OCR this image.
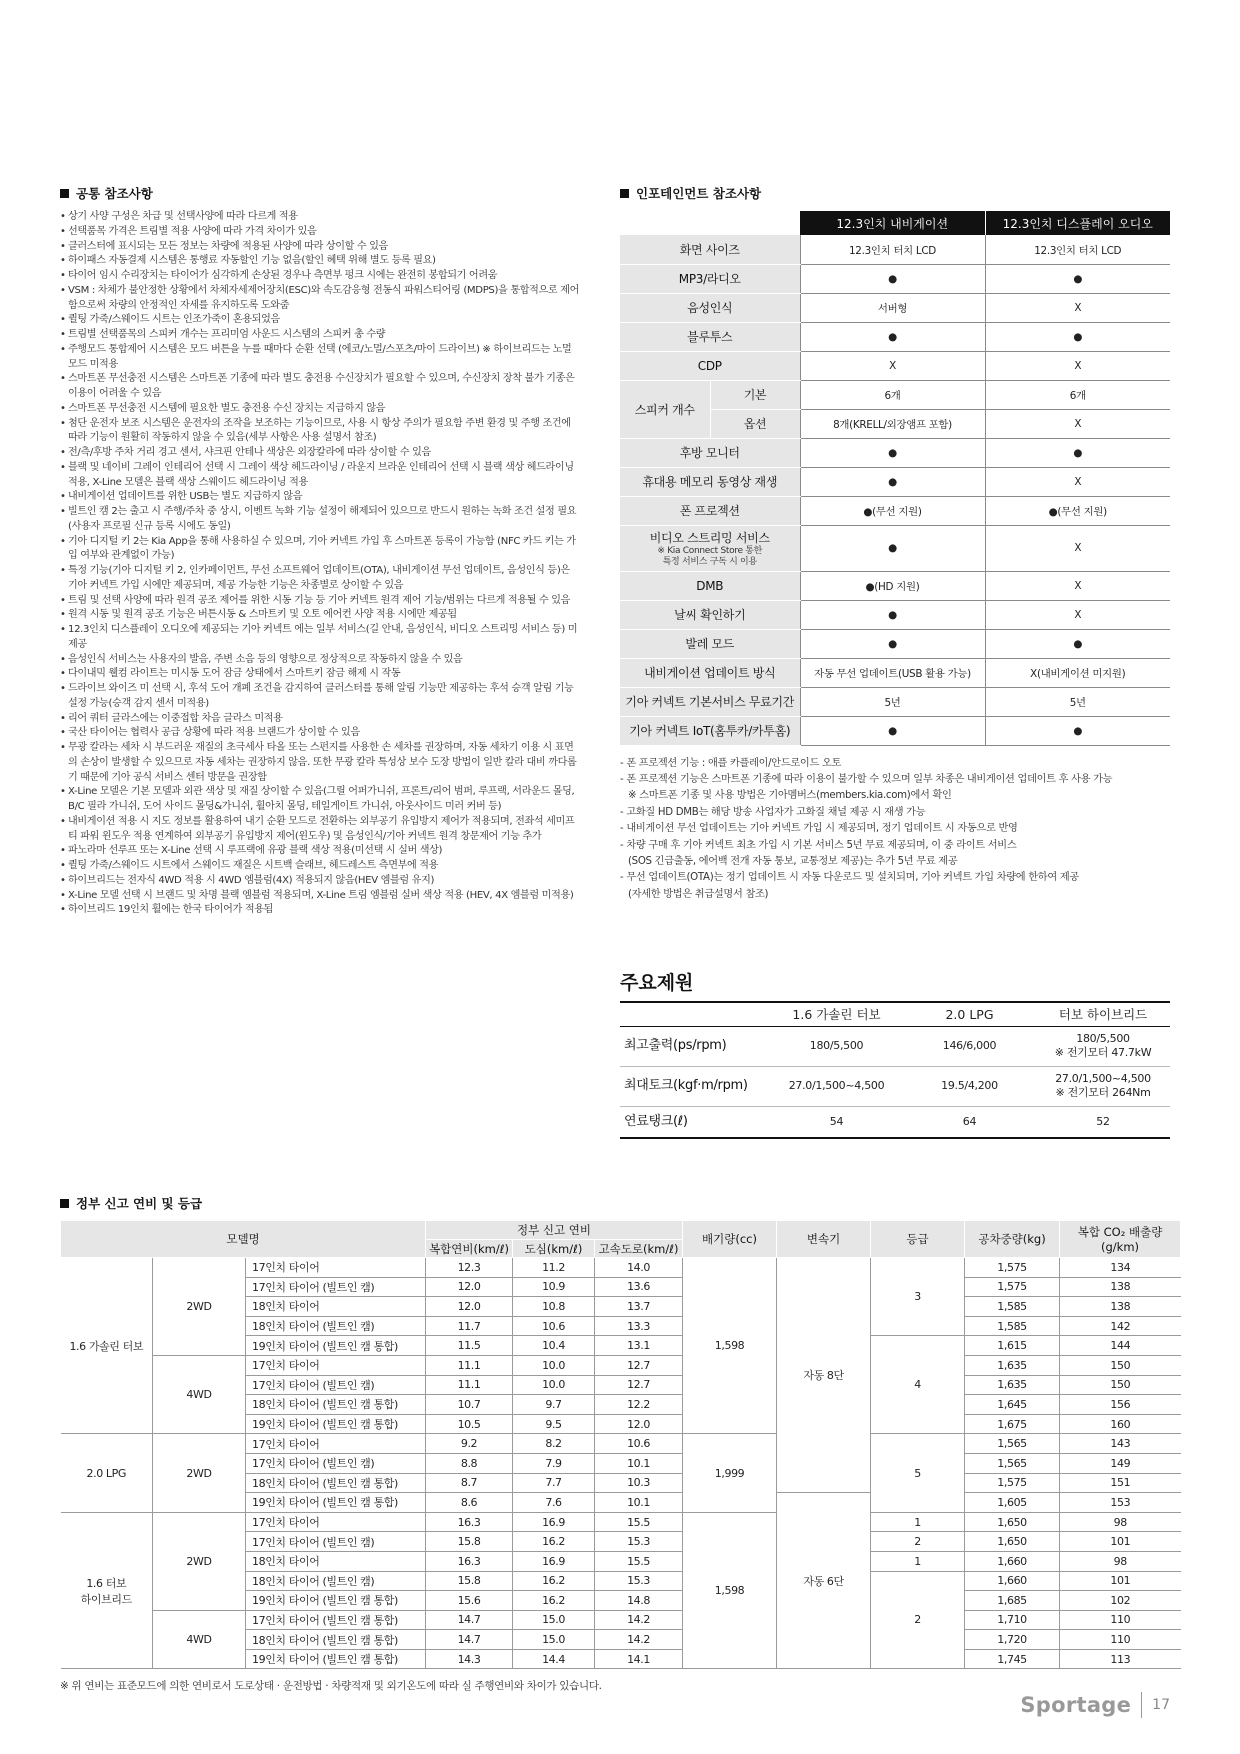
공통 참조사항
• 상기 사양 구성은 차급 및 선택사양에 따라 다르게 적용
• 선택품목 가격은 트림별 적용 사양에 따라 가격 차이가 있음
• 클러스터에 표시되는 모든 정보는 차량에 적용된 사양에 따라 상이할 수 있음
• 하이패스 자동결제 시스템은 통행료 자동할인 기능 없음(할인 혜택 위해 별도 등록 필요)
• 타이어 임시 수리장치는 타이어가 심각하게 손상된 경우나 측면부 펑크 시에는 완전히 봉합되기 어려움
• VSM : 차체가 불안정한 상황에서 차체자세제어장치(ESC)와 속도감응형 전동식 파워스티어링 (MDPS)을 통합적으로 제어함으로써 차량의 안정적인 자세를 유지하도록 도와줌
• 퀼팅 가죽/스웨이드 시트는 인조가죽이 혼용되었음
• 트림별 선택품목의 스피커 개수는 프리미엄 사운드 시스템의 스피커 총 수량
• 주행모드 통합제어 시스템은 모드 버튼을 누를 때마다 순환 선택 (에코/노멀/스포츠/마이 드라이브) ※ 하이브리드는 노멀 모드 미적용
• 스마트폰 무선충전 시스템은 스마트폰 기종에 따라 별도 충전용 수신장치가 필요할 수 있으며, 수신장치 장착 불가 기종은 이용이 어려울 수 있음
• 스마트폰 무선충전 시스템에 필요한 별도 충전용 수신 장치는 지급하지 않음
• 첨단 운전자 보조 시스템은 운전자의 조작을 보조하는 기능이므로, 사용 시 항상 주의가 필요함 주변 환경 및 주행 조건에 따라 기능이 원활히 작동하지 않을 수 있음(세부 사항은 사용 설명서 참조)
• 전/측/후방 주차 거리 경고 센서, 샤크핀 안테나 색상은 외장칼라에 따라 상이할 수 있음
• 블랙 및 네이비 그레이 인테리어 선택 시 그레이 색상 헤드라이닝 / 라운지 브라운 인테리어 선택 시 블랙 색상 헤드라이닝 적용, X-Line 모델은 블랙 색상 스웨이드 헤드라이닝 적용
• 내비게이션 업데이트를 위한 USB는 별도 지급하지 않음
• 빌트인 캠 2는 출고 시 주행/주차 중 상시, 이벤트 녹화 기능 설정이 해제되어 있으므로 반드시 원하는 녹화 조건 설정 필요(사용자 프로필 신규 등록 시에도 동일)
• 기아 디지털 키 2는 Kia App을 통해 사용하실 수 있으며, 기아 커넥트 가입 후 스마트폰 등록이 가능함 (NFC 카드 키는 가입 여부와 관계없이 가능)
• 특정 기능(기아 디지털 키 2, 인카페이먼트, 무선 소프트웨어 업데이트(OTA), 내비게이션 무선 업데이트, 음성인식 등)은 기아 커넥트 가입 시에만 제공되며, 제공 가능한 기능은 차종별로 상이할 수 있음
• 트림 및 선택 사양에 따라 원격 공조 제어를 위한 시동 기능 등 기아 커넥트 원격 제어 기능/범위는 다르게 적용될 수 있음
• 원격 시동 및 원격 공조 기능은 버튼시동 & 스마트키 및 오토 에어컨 사양 적용 시에만 제공됨
• 12.3인치 디스플레이 오디오에 제공되는 기아 커넥트 에는 일부 서비스(길 안내, 음성인식, 비디오 스트리밍 서비스 등) 미제공
• 음성인식 서비스는 사용자의 발음, 주변 소음 등의 영향으로 정상적으로 작동하지 않을 수 있음
• 다이내믹 웰컴 라이트는 미시동 도어 잠금 상태에서 스마트키 잠금 해제 시 작동
• 드라이브 와이즈 미 선택 시, 후석 도어 개폐 조건을 감지하여 클러스터를 통해 알림 기능만 제공하는 후석 승객 알림 기능 설정 가능(승객 감지 센서 미적용)
• 리어 쿼터 글라스에는 이중접합 차음 글라스 미적용
• 국산 타이어는 협력사 공급 상황에 따라 적용 브랜드가 상이할 수 있음
• 무광 칼라는 세차 시 부드러운 재질의 초극세사 타올 또는 스펀지를 사용한 손 세차를 권장하며, 자동 세차기 이용 시 표면의 손상이 발생할 수 있으므로 자동 세차는 권장하지 않음. 또한 무광 칼라 특성상 보수 도장 방법이 일반 칼라 대비 까다롭기 때문에 기아 공식 서비스 센터 방문을 권장함
• X-Line 모델은 기본 모델과 외관 색상 및 재질 상이할 수 있음(그릴 어퍼가니쉬, 프론트/리어 범퍼, 루프랙, 서라운드 몰딩, B/C 필라 가니쉬, 도어 사이드 몰딩&가니쉬, 휠아치 몰딩, 테일게이트 가니쉬, 아웃사이드 미러 커버 등)
• 내비게이션 적용 시 지도 정보를 활용하여 내기 순환 모드로 전환하는 외부공기 유입방지 제어가 적용되며, 전좌석 세미프티 파워 윈도우 적용 연계하여 외부공기 유입방지 제어(윈도우) 및 음성인식/기아 커넥트 원격 창문제어 기능 추가
• 파노라마 선루프 또는 X-Line 선택 시 루프랙에 유광 블랙 색상 적용(미선택 시 실버 색상)
• 퀼팅 가죽/스웨이드 시트에서 스웨이드 재질은 시트백 슬래브, 헤드레스트 측면부에 적용
• 하이브리드는 전자식 4WD 적용 시 4WD 엠블럼(4X) 적용되지 않음(HEV 엠블럼 유지)
• X-Line 모델 선택 시 브랜드 및 차명 블랙 엠블럼 적용되며, X-Line 트림 엠블럼 실버 색상 적용 (HEV, 4X 엠블럼 미적용)
• 하이브리드 19인치 휠에는 한국 타이어가 적용됨
인포테인먼트 참조사항
		12.3인치 내비게이션	12.3인치 디스플레이 오디오
화면 사이즈		12.3인치 터치 LCD	12.3인치 터치 LCD
MP3/라디오		●	●
음성인식		서버형	X
블루투스		●	●
CDP		X	X
스피커 개수	기본	6개	6개
	옵션	8개(KRELL/외장앰프 포함)	X
후방 모니터		●	●
휴대용 메모리 동영상 재생		●	X
폰 프로젝션		●(무선 지원)	●(무선 지원)
비디오 스트리밍 서비스
※ Kia Connect Store 통한
특정 서비스 구독 시 이용		●	X
DMB		●(HD 지원)	X
날씨 확인하기		●	X
발레 모드		●	●
내비게이션 업데이트 방식		자동 무선 업데이트(USB 활용 가능)	X(내비게이션 미지원)
기아 커넥트 기본서비스 무료기간		5년	5년
기아 커넥트 IoT(홈투카/카투홈)		●	●
- 폰 프로젝션 기능 : 애플 카플레이/안드로이드 오토
- 폰 프로젝션 기능은 스마트폰 기종에 따라 이용이 불가할 수 있으며 일부 차종은 내비게이션 업데이트 후 사용 가능
※ 스마트폰 기종 및 사용 방법은 기아멤버스(members.kia.com)에서 확인
- 고화질 HD DMB는 해당 방송 사업자가 고화질 채널 제공 시 재생 가능
- 내비게이션 무선 업데이트는 기아 커넥트 가입 시 제공되며, 정기 업데이트 시 자동으로 반영
- 차량 구매 후 기아 커넥트 최초 가입 시 기본 서비스 5년 무료 제공되며, 이 중 라이트 서비스
(SOS 긴급출동, 에어백 전개 자동 통보, 교통정보 제공)는 추가 5년 무료 제공
- 무선 업데이트(OTA)는 정기 업데이트 시 자동 다운로드 및 설치되며, 기아 커넥트 가입 차량에 한하여 제공
(자세한 방법은 취급설명서 참조)
주요제원
	1.6 가솔린 터보	2.0 LPG	터보 하이브리드
최고출력(ps/rpm)	180/5,500	146/6,000	180/5,500
※ 전기모터 47.7kW

최대토크(kgf·m/rpm)	27.0/1,500~4,500	19.5/4,200	27.0/1,500~4,500
※ 전기모터 264Nm

연료탱크(ℓ)	54	64	52
정부 신고 연비 및 등급
모델명			정부 신고 연비			배기량(cc)	변속기	등급	공차중량(kg)	복합 CO₂ 배출량
(g/km)
			복합연비(km/ℓ)	도심(km/ℓ)	고속도로(km/ℓ)					
1.6 가솔린 터보	2WD	17인치 타이어	12.3	11.2	14.0	1,598	자동 8단	3	1,575	134
		17인치 타이어 (빌트인 캠)	12.0	10.9	13.6				1,575	138
		18인치 타이어	12.0	10.8	13.7				1,585	138
		18인치 타이어 (빌트인 캠)	11.7	10.6	13.3				1,585	142
		19인치 타이어 (빌트인 캠 통합)	11.5	10.4	13.1			4	1,615	144
	4WD	17인치 타이어	11.1	10.0	12.7				1,635	150
		17인치 타이어 (빌트인 캠)	11.1	10.0	12.7				1,635	150
		18인치 타이어 (빌트인 캠 통합)	10.7	9.7	12.2				1,645	156
		19인치 타이어 (빌트인 캠 통합)	10.5	9.5	12.0				1,675	160
2.0 LPG	2WD	17인치 타이어	9.2	8.2	10.6	1,999		5	1,565	143
		17인치 타이어 (빌트인 캠)	8.8	7.9	10.1				1,565	149
		18인치 타이어 (빌트인 캠 통합)	8.7	7.7	10.3				1,575	151
		19인치 타이어 (빌트인 캠 통합)	8.6	7.6	10.1		자동 6단		1,605	153

1.6 터보
하이브리드	2WD	17인치 타이어	16.3	16.9	15.5	1,598		1	1,650	98
		17인치 타이어 (빌트인 캠)	15.8	16.2	15.3			2	1,650	101
		18인치 타이어	16.3	16.9	15.5			1	1,660	98
		18인치 타이어 (빌트인 캠)	15.8	16.2	15.3			2	1,660	101
		19인치 타이어 (빌트인 캠 통합)	15.6	16.2	14.8				1,685	102
	4WD	17인치 타이어 (빌트인 캠 통합)	14.7	15.0	14.2				1,710	110
		18인치 타이어 (빌트인 캠 통합)	14.7	15.0	14.2				1,720	110
		19인치 타이어 (빌트인 캠 통합)	14.3	14.4	14.1				1,745	113

※ 위 연비는 표준모드에 의한 연비로서 도로상태 · 운전방법 · 차량적재 및 외기온도에 따라 실 주행연비와 차이가 있습니다.

Sportage 17
